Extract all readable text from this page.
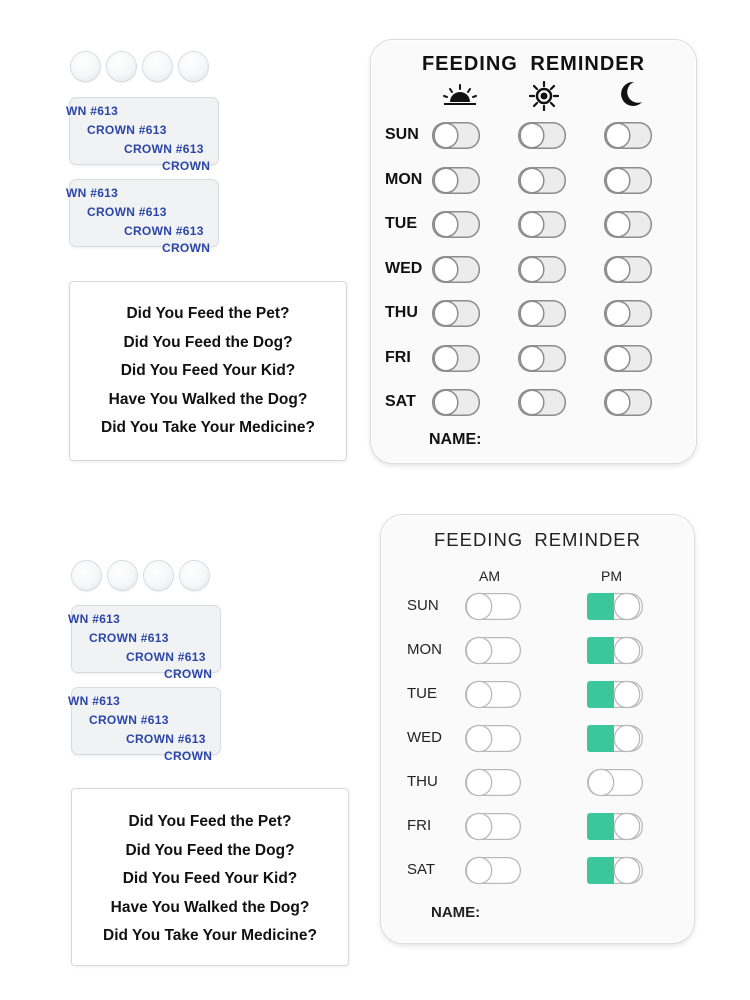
WN #613
CROWN #613
CROWN #613
CROWN
WN #613
CROWN #613
CROWN #613
CROWN
Did You Feed the Pet?
Did You Feed the Dog?
Did You Feed Your Kid?
Have You Walked the Dog?
Did You Take Your Medicine?
FEEDING REMINDER
SUN
MON
TUE
WED
THU
FRI
SAT
NAME:
WN #613
CROWN #613
CROWN #613
CROWN
WN #613
CROWN #613
CROWN #613
CROWN
Did You Feed the Pet?
Did You Feed the Dog?
Did You Feed Your Kid?
Have You Walked the Dog?
Did You Take Your Medicine?
FEEDING REMINDER
AM	PM
SUN
MON
TUE
WED
THU
FRI
SAT
NAME:
